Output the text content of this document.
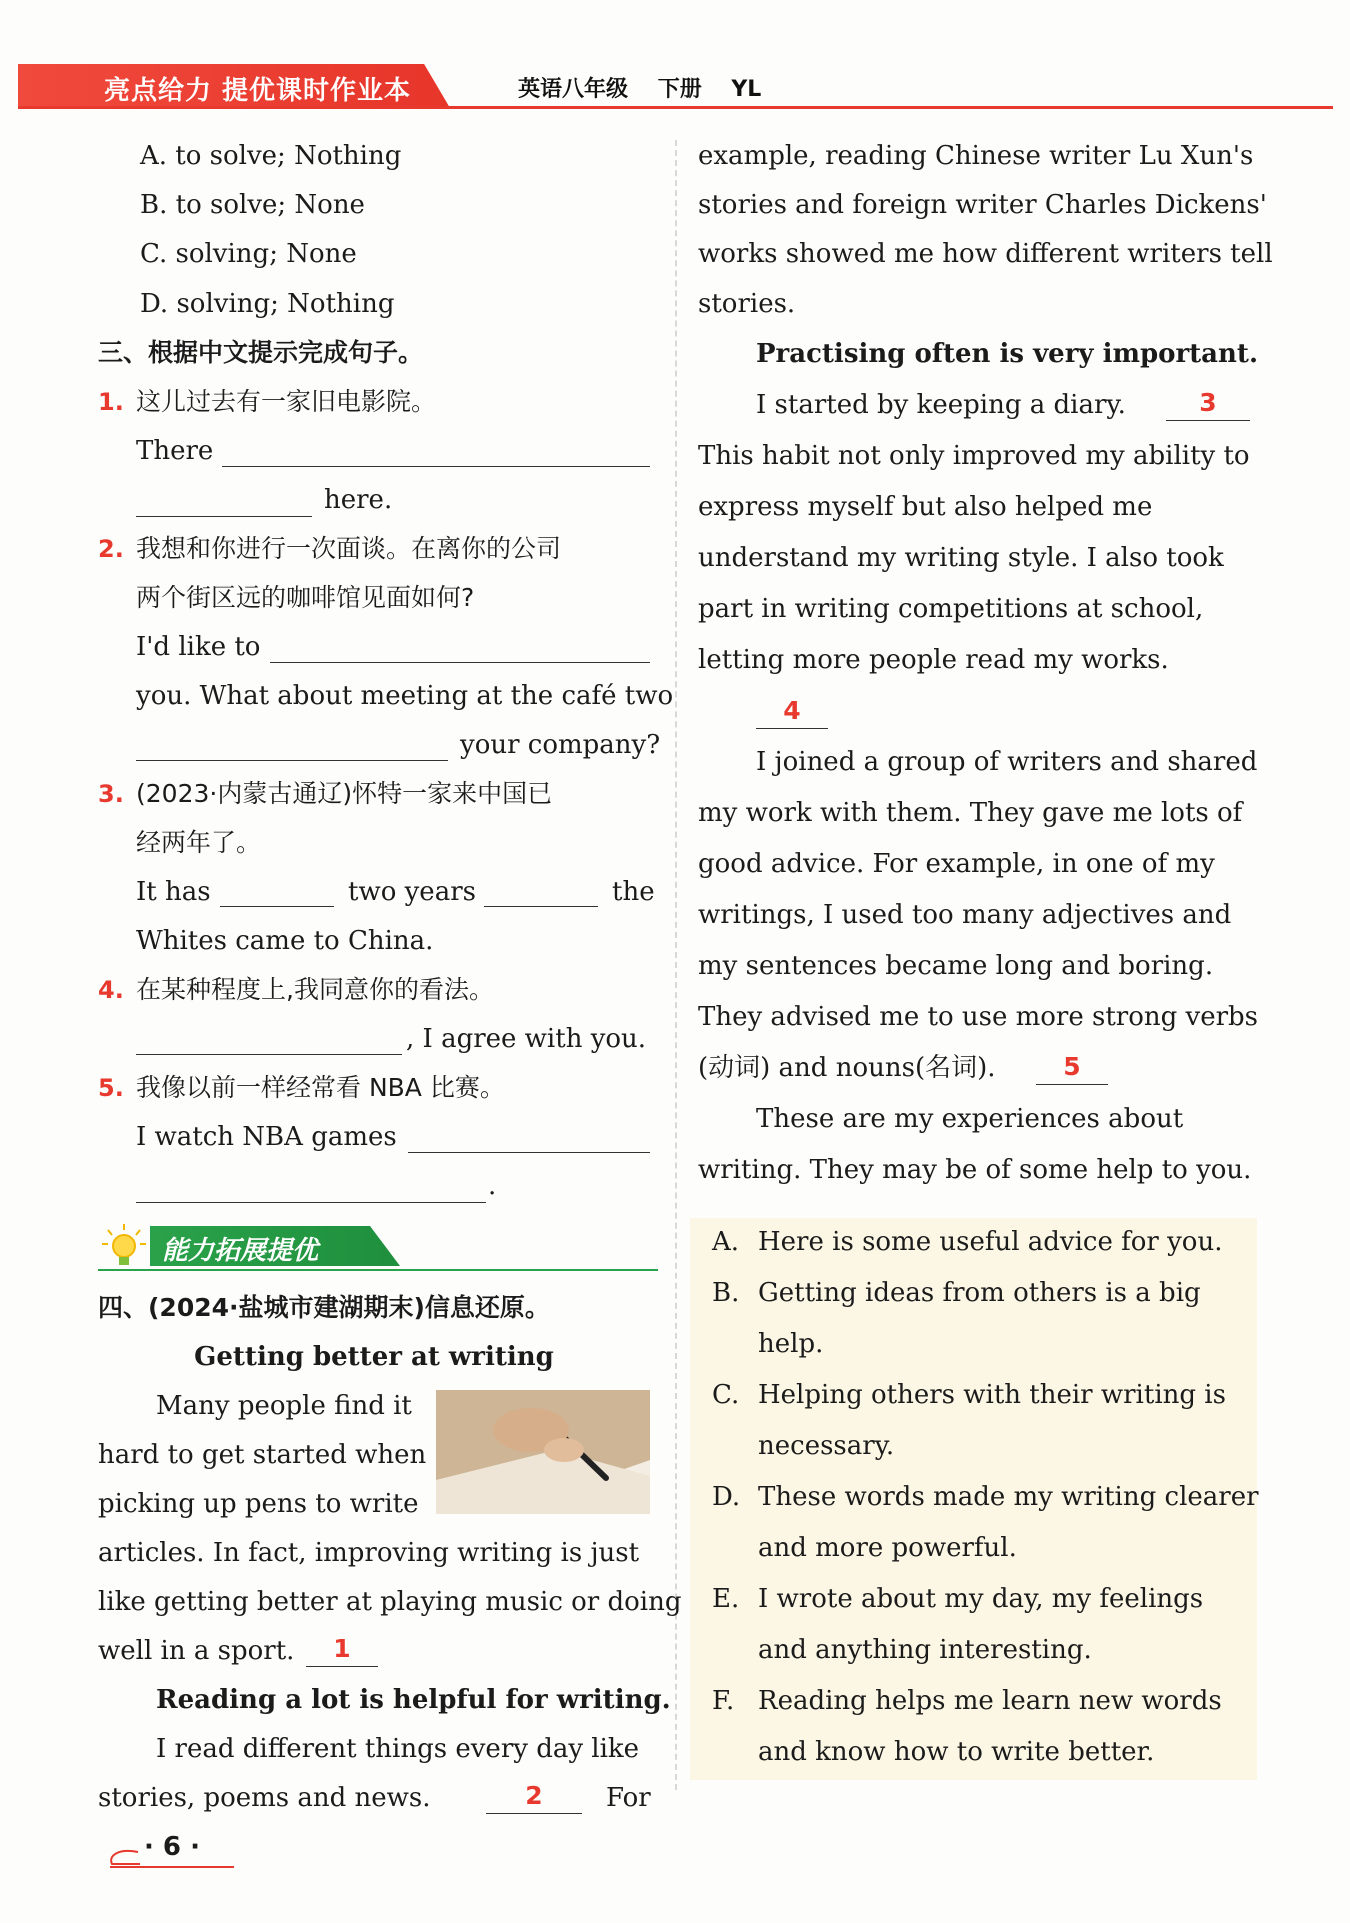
亮点给力 提优课时作业本	英语八年级 下册 YL
A. to solve; Nothing
B. to solve; None
C. solving; None
D. solving; Nothing
三、根据中文提示完成句子。
1. 这儿过去有一家旧电影院。
There
here.
2. 我想和你进行一次面谈。在离你的公司
两个街区远的咖啡馆见面如何?
I'd like to
you. What about meeting at the café two
your company?
3. (2023·内蒙古通辽)怀特一家来中国已
经两年了。
It has	two years	the
Whites came to China.
4. 在某种程度上,我同意你的看法。
, I agree with you.
5. 我像以前一样经常看 NBA 比赛。
I watch NBA games
.
能力拓展提优
四、(2024·盐城市建湖期末)信息还原。
Getting better at writing
Many people find it
hard to get started when
picking up pens to write
articles. In fact, improving writing is just
like getting better at playing music or doing
well in a sport.	1
Reading a lot is helpful for writing.
I read different things every day like
stories, poems and news.	2	For
example, reading Chinese writer Lu Xun's
stories and foreign writer Charles Dickens'
works showed me how different writers tell
stories.
Practising often is very important.
I started by keeping a diary.	3
This habit not only improved my ability to
express myself but also helped me
understand my writing style. I also took
part in writing competitions at school,
letting more people read my works.
4
I joined a group of writers and shared
my work with them. They gave me lots of
good advice. For example, in one of my
writings, I used too many adjectives and
my sentences became long and boring.
They advised me to use more strong verbs
(动词) and nouns(名词).	5
These are my experiences about
writing. They may be of some help to you.
A. Here is some useful advice for you.
B. Getting ideas from others is a big
help.
C. Helping others with their writing is
necessary.
D. These words made my writing clearer
and more powerful.
E. I wrote about my day, my feelings
and anything interesting.
F. Reading helps me learn new words
and know how to write better.
· 6 ·
